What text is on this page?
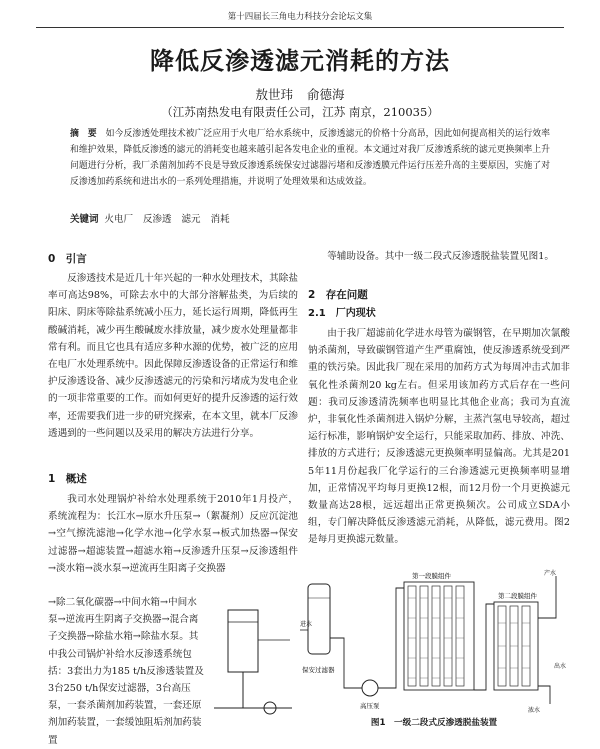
第十四届长三角电力科技分会论坛文集
降低反渗透滤元消耗的方法
敖世玮 俞德海
（江苏南热发电有限责任公司，江苏 南京，210035）

摘　要 如今反渗透处理技术被广泛应用于火电厂给水系统中，反渗透滤元的价格十分高昂，因此如何提高相关的运行效率和维护效果，降低反渗透的滤元的消耗变也越来越引起各发电企业的重视。本文通过对我厂反渗透系统的滤元更换频率上升问题进行分析，我厂杀菌剂加药不良是导致反渗透系统保安过滤器污堵和反渗透膜元件运行压差升高的主要原因，实施了对反渗透加药系统和进出水的一系列处理措施，并说明了处理效果和达成效益。

关键词 火电厂 反渗透 滤元 消耗
0　引言

反渗透技术是近几十年兴起的一种水处理技术，其除盐率可高达98%，可除去水中的大部分溶解盐类，为后续的阳床、阴床等除盐系统减小压力，延长运行周期，降低再生酸碱消耗，减少再生酸碱废水排放量，减少废水处理量都非常有利。而且它也具有适应多种水源的优势，被广泛的应用在电厂水处理系统中。因此保障反渗透设备的正常运行和维护反渗透设备、减少反渗透滤元的污染和污堵成为发电企业的一项非常重要的工作。而如何更好的提升反渗透的运行效率，还需要我们进一步的研究探索，在本文里，就本厂反渗透遇到的一些问题以及采用的解决方法进行分享。

1　概述

我司水处理锅炉补给水处理系统于2010年1月投产，系统流程为：长江水→原水升压泵→（絮凝剂）反应沉淀池→空气擦洗滤池→化学水池→化学水泵→板式加热器→保安过滤器→超滤装置→超滤水箱→反渗透升压泵→反渗透组件→淡水箱→淡水泵→逆流再生阳离子交换器

→除二氧化碳器→中间水箱→中间水泵→逆流再生阴离子交换器→混合离子交换器→除盐水箱→除盐水泵。其中我公司锅炉补给水反渗透系统包括：3套出力为185 t/h反渗透装置及3台250 t/h保安过滤器，3台高压泵，一套杀菌剂加药装置，一套还原剂加药装置，一套缓蚀阻垢剂加药装置

等辅助设备。其中一级二段式反渗透脱盐装置见图1。

2　存在问题
2.1　厂内现状

由于我厂超滤前化学进水母管为碳钢管，在早期加次氯酸钠杀菌剂，导致碳钢管道产生严重腐蚀，使反渗透系统受到严重的铁污染。因此我厂现在采用的加药方式为每周冲击式加非氧化性杀菌剂20 kg左右。但采用该加药方式后存在一些问题：我司反渗透清洗频率也明显比其他企业高；我司为直流炉，非氧化性杀菌剂进入锅炉分解，主蒸汽氢电导较高，超过运行标准，影响锅炉安全运行，只能采取加药、排放、冲洗、排放的方式进行；反渗透滤元更换频率明显偏高。尤其是2015年11月份起我厂化学运行的三台渗透滤元更换频率明显增加，正常情况平均每月更换12根，而12月份一个月更换滤元数量高达28根，远远超出正常更换频次。公司成立SDA小组，专门解决降低反渗透滤元消耗，从降低，滤元费用。图2是每月更换滤元数量。

保安过滤器
进水
高压泵
第一段膜组件
第二段膜组件
产水
浓水
出水
图1　一级二段式反渗透脱盐装置
